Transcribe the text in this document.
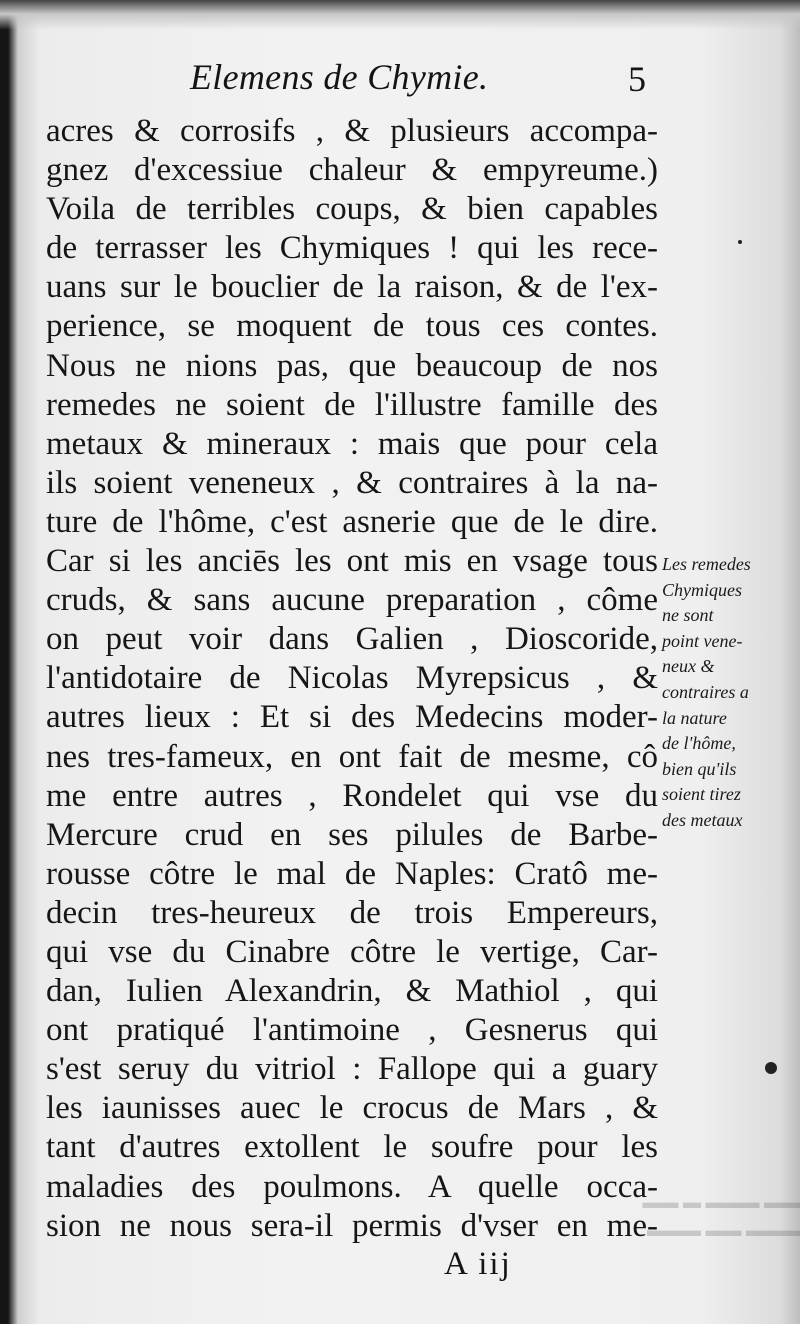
Elemens de Chymie.	5
acres & corrosifs , & plusieurs accompa-
gnez d'excessiue chaleur & empyreume.)
Voila de terribles coups, & bien capables
de terrasser les Chymiques ! qui les rece-
uans sur le bouclier de la raison, & de l'ex-
perience, se moquent de tous ces contes.
Nous ne nions pas, que beaucoup de nos
remedes ne soient de l'illustre famille des
metaux & mineraux : mais que pour cela
ils soient veneneux , & contraires à la na-
ture de l'hôme, c'est asnerie que de le dire.
Car si les anciēs les ont mis en vsage tous
cruds, & sans aucune preparation , côme
on peut voir dans Galien , Dioscoride,
l'antidotaire de Nicolas Myrepsicus , &
autres lieux : Et si des Medecins moder-
nes tres-fameux, en ont fait de mesme, cô
me entre autres , Rondelet qui vse du
Mercure crud en ses pilules de Barbe-
rousse côtre le mal de Naples: Cratô me-
decin tres-heureux de trois Empereurs,
qui vse du Cinabre côtre le vertige, Car-
dan, Iulien Alexandrin, & Mathiol , qui
ont pratiqué l'antimoine , Gesnerus qui
s'est seruy du vitriol : Fallope qui a guary
les iaunisses auec le crocus de Mars , &
tant d'autres extollent le soufre pour les
maladies des poulmons. A quelle occa-
sion ne nous sera-il permis d'vser en me-
Les remedes
Chymiques
ne sont
point vene-
neux &
contraires a
la nature
de l'hôme,
bien qu'ils
soient tirez
des metaux
▬▬ ▬▬▬ ▬ ▬▬
▬▬▬ ▬▬ ▬▬▬
A iij
